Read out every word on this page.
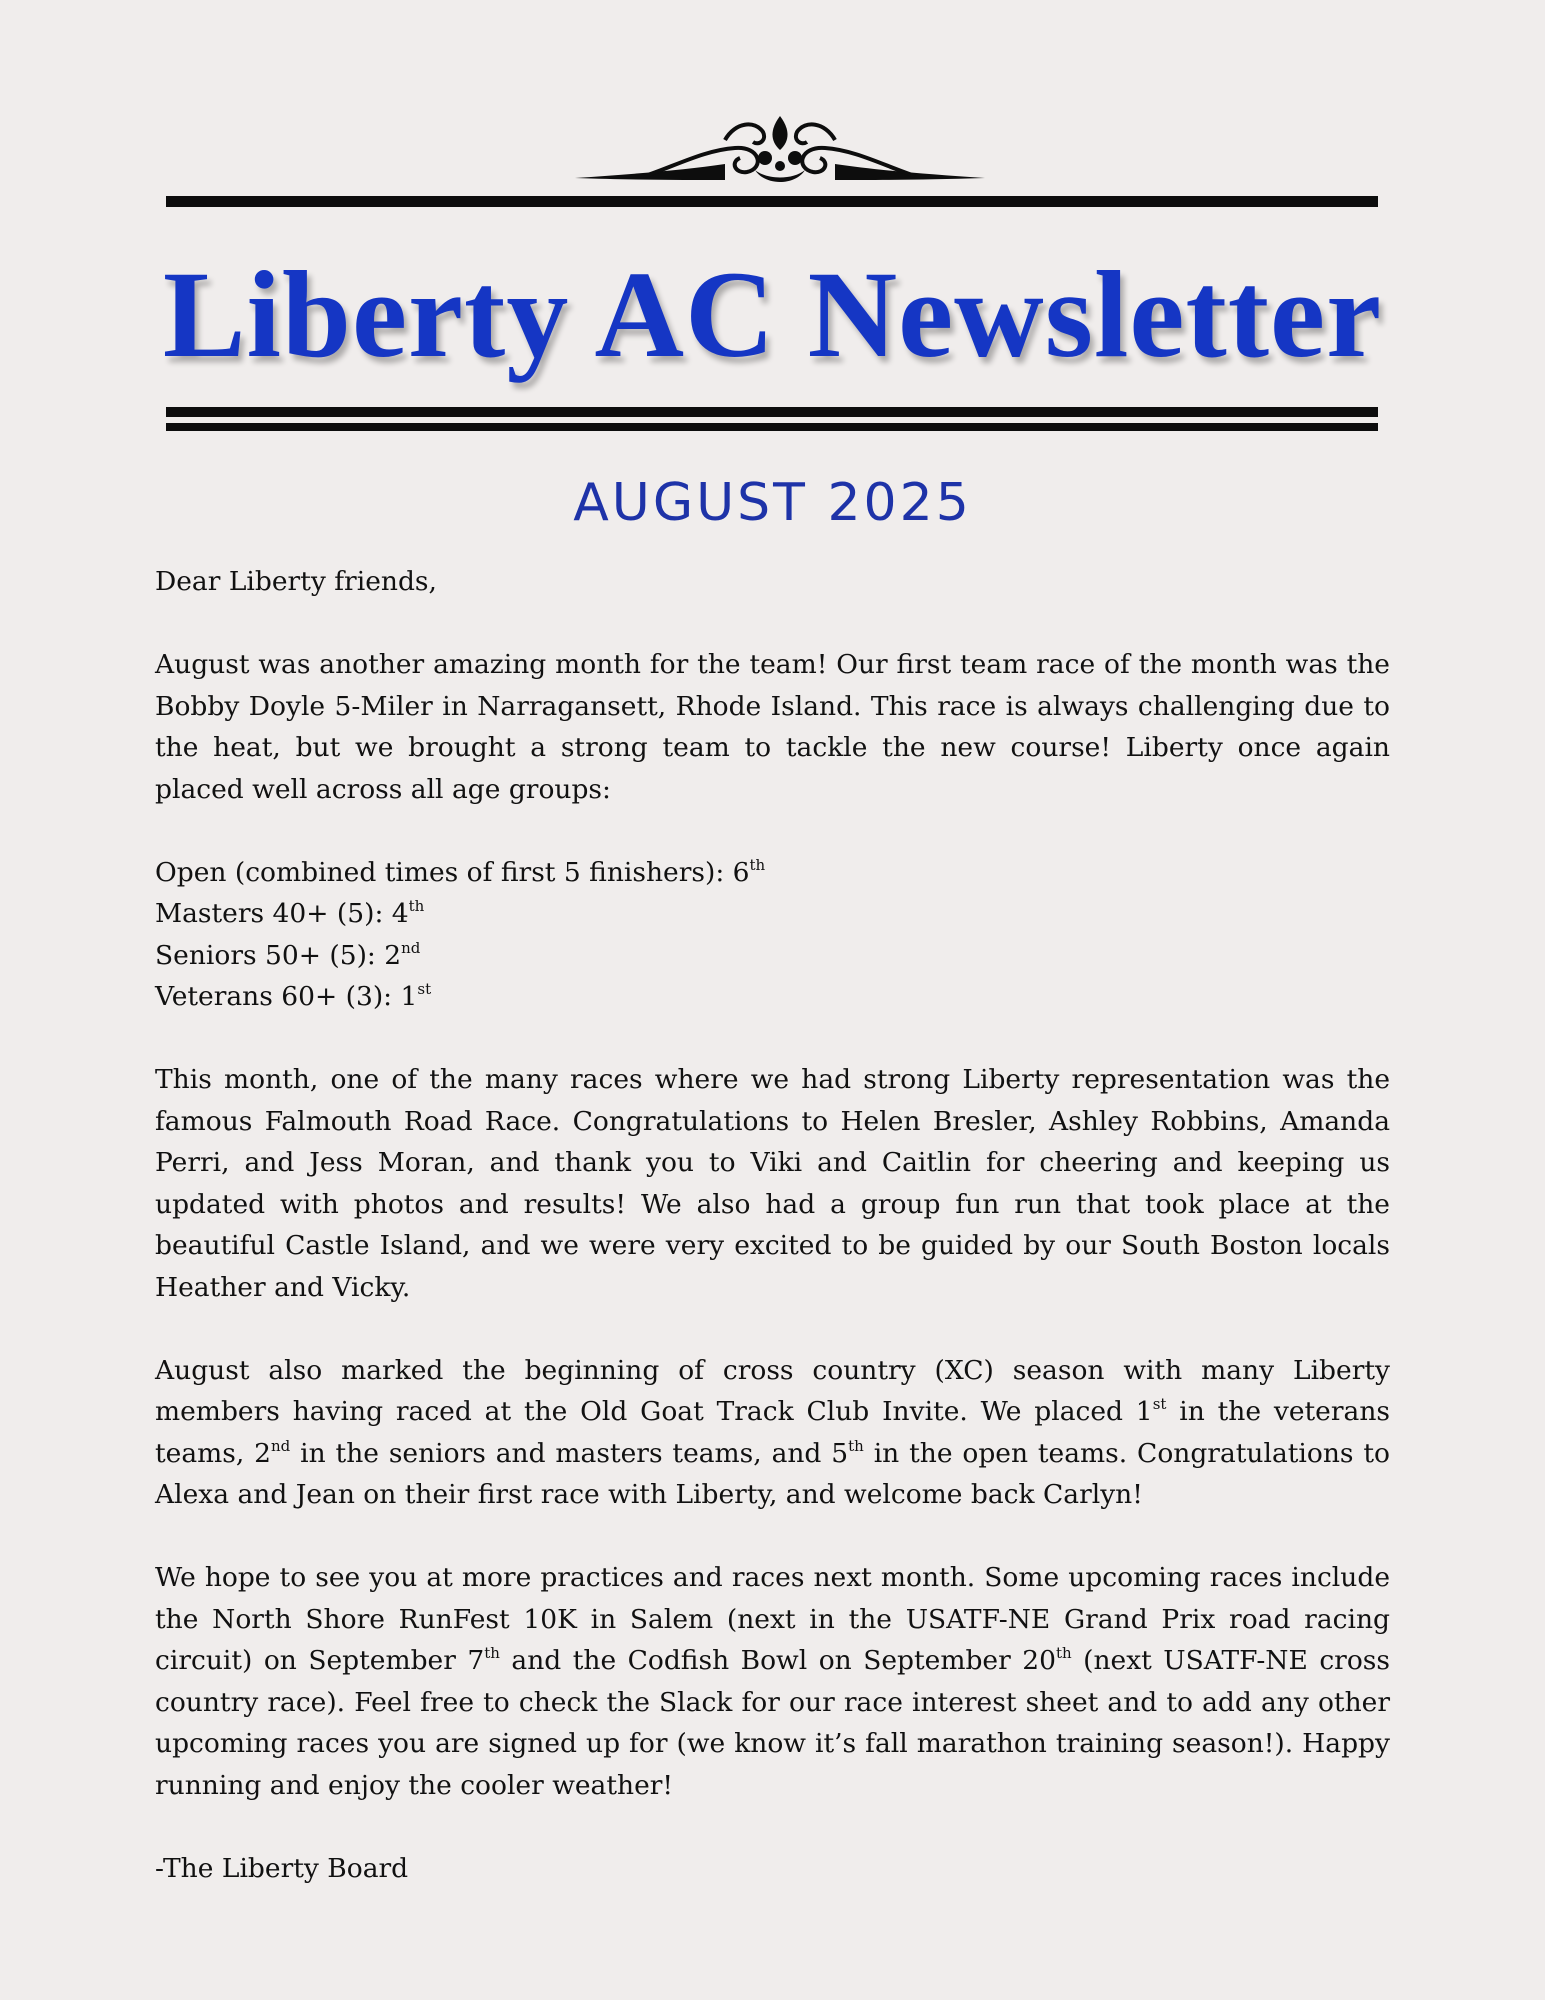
Liberty AC Newsletter
AUGUST 2025

Dear Liberty friends,

August was another amazing month for the team! Our first team race of the month was the Bobby Doyle 5-Miler in Narragansett, Rhode Island. This race is always challenging due to the heat, but we brought a strong team to tackle the new course! Liberty once again placed well across all age groups:

Open (combined times of first 5 finishers): 6th
Masters 40+ (5): 4th
Seniors 50+ (5): 2nd
Veterans 60+ (3): 1st

This month, one of the many races where we had strong Liberty representation was the famous Falmouth Road Race. Congratulations to Helen Bresler, Ashley Robbins, Amanda Perri, and Jess Moran, and thank you to Viki and Caitlin for cheering and keeping us updated with photos and results! We also had a group fun run that took place at the beautiful Castle Island, and we were very excited to be guided by our South Boston locals Heather and Vicky.

August also marked the beginning of cross country (XC) season with many Liberty members having raced at the Old Goat Track Club Invite. We placed 1st in the veterans teams, 2nd in the seniors and masters teams, and 5th in the open teams. Congratulations to Alexa and Jean on their first race with Liberty, and welcome back Carlyn!

We hope to see you at more practices and races next month. Some upcoming races include the North Shore RunFest 10K in Salem (next in the USATF-NE Grand Prix road racing circuit) on September 7th and the Codfish Bowl on September 20th (next USATF-NE cross country race). Feel free to check the Slack for our race interest sheet and to add any other upcoming races you are signed up for (we know it’s fall marathon training season!). Happy running and enjoy the cooler weather!

-The Liberty Board
